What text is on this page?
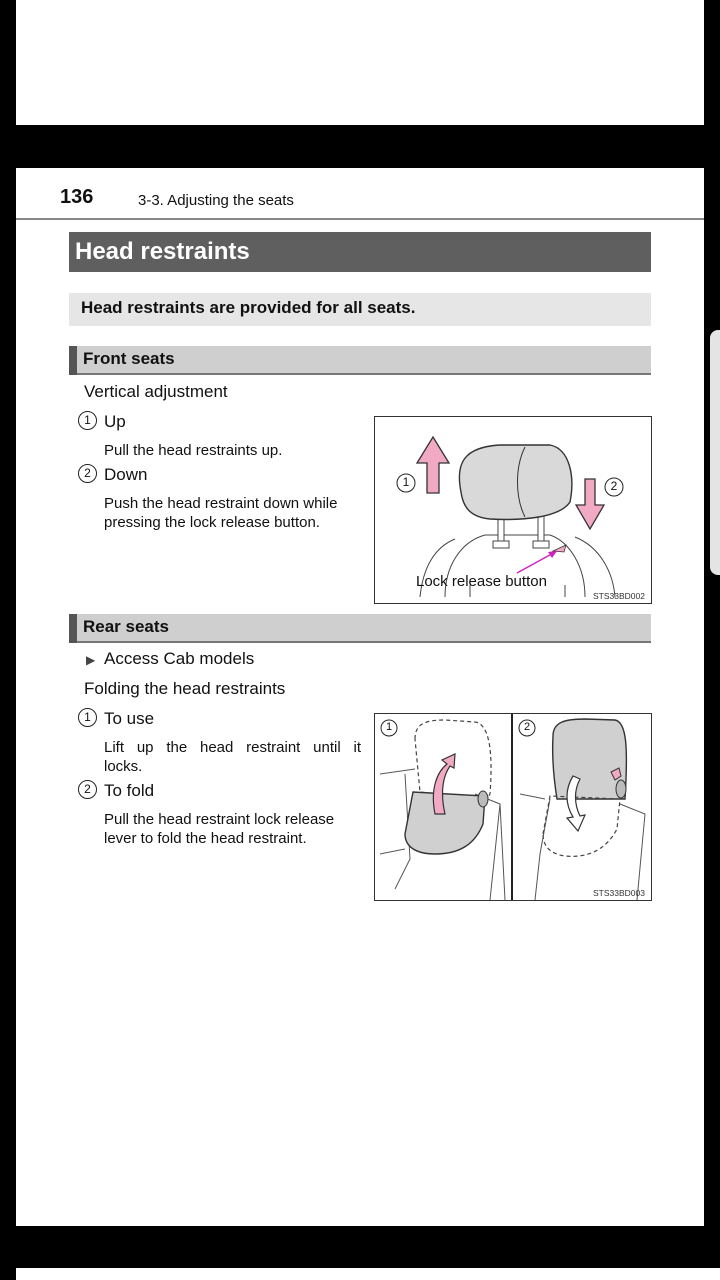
136	3-3. Adjusting the seats
Head restraints
Head restraints are provided for all seats.
Front seats
Vertical adjustment
1 Up
Pull the head restraints up.
2 Down
Push the head restraint down while
pressing the lock release button.
1	2
Lock release button
STS33BD002
Rear seats
▶ Access Cab models
Folding the head restraints
1 To use
Lift up the head restraint until it
locks.
2 To fold
Pull the head restraint lock release
lever to fold the head restraint.
1	2
STS33BD003
